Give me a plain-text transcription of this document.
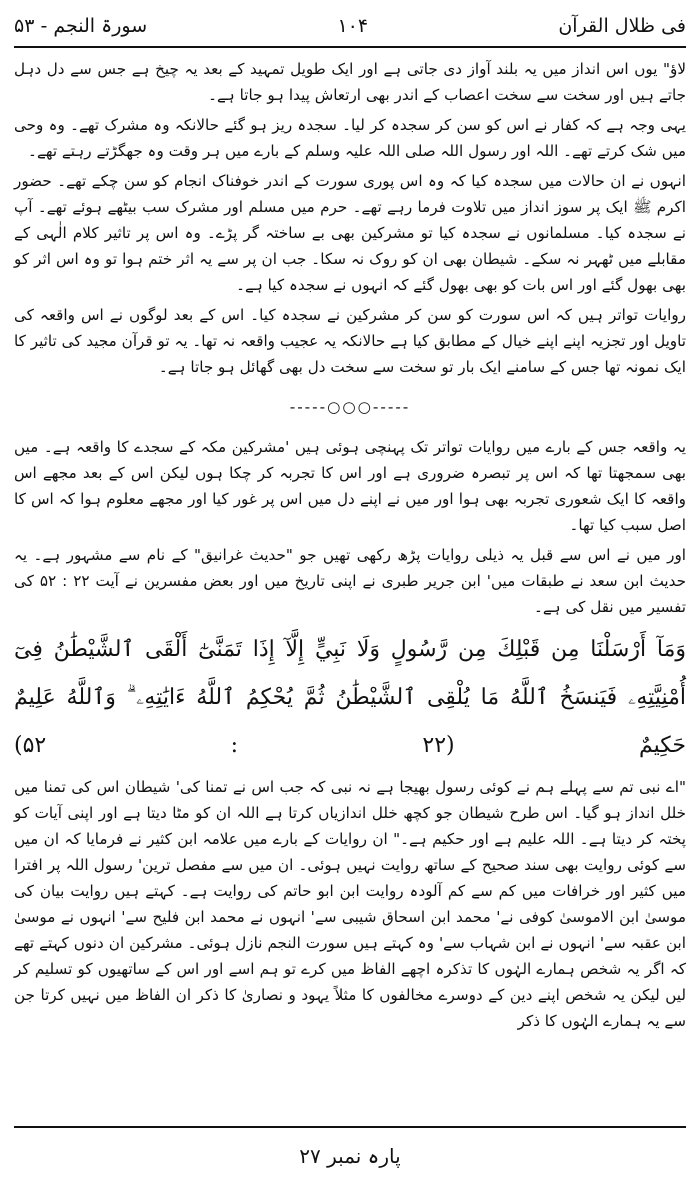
سورۃ النجم - ۵۳	۱۰۴	فی ظلال القرآن

لاؤ" یوں اس انداز میں یہ بلند آواز دی جاتی ہے اور ایک طویل تمہید کے بعد یہ چیخ ہے جس سے دل دہل جاتے ہیں اور سخت سے سخت اعصاب کے اندر بھی ارتعاش پیدا ہو جاتا ہے۔

یہی وجہ ہے کہ کفار نے اس کو سن کر سجدہ کر لیا۔ سجدہ ریز ہو گئے حالانکہ وہ مشرک تھے۔ وہ وحی میں شک کرتے تھے۔ اللہ اور رسول اللہ صلی اللہ علیہ وسلم کے بارے میں ہر وقت وہ جھگڑتے رہتے تھے۔

انہوں نے ان حالات میں سجدہ کیا کہ وہ اس پوری سورت کے اندر خوفناک انجام کو سن چکے تھے۔ حضور اکرم ﷺ ایک پر سوز انداز میں تلاوت فرما رہے تھے۔ حرم میں مسلم اور مشرک سب بیٹھے ہوئے تھے۔ آپ نے سجدہ کیا۔ مسلمانوں نے سجدہ کیا تو مشرکین بھی بے ساختہ گر پڑے۔ وہ اس پر تاثیر کلام الٰہی کے مقابلے میں ٹھہر نہ سکے۔ شیطان بھی ان کو روک نہ سکا۔ جب ان پر سے یہ اثر ختم ہوا تو وہ اس اثر کو بھی بھول گئے اور اس بات کو بھی بھول گئے کہ انہوں نے سجدہ کیا ہے۔

روایات تواتر ہیں کہ اس سورت کو سن کر مشرکین نے سجدہ کیا۔ اس کے بعد لوگوں نے اس واقعہ کی تاویل اور تجزیہ اپنے اپنے خیال کے مطابق کیا ہے حالانکہ یہ عجیب واقعہ نہ تھا۔ یہ تو قرآن مجید کی تاثیر کا ایک نمونہ تھا جس کے سامنے ایک بار تو سخت سے سخت دل بھی گھائل ہو جاتا ہے۔

-----○○○-----

یہ واقعہ جس کے بارے میں روایات تواتر تک پہنچی ہوئی ہیں 'مشرکین مکہ کے سجدے کا واقعہ ہے۔ میں بھی سمجھتا تھا کہ اس پر تبصرہ ضروری ہے اور اس کا تجربہ کر چکا ہوں لیکن اس کے بعد مجھے اس واقعہ کا ایک شعوری تجربہ بھی ہوا اور میں نے اپنے دل میں اس پر غور کیا اور مجھے معلوم ہوا کہ اس کا اصل سبب کیا تھا۔

اور میں نے اس سے قبل یہ ذیلی روایات پڑھ رکھی تھیں جو "حدیث غرانیق" کے نام سے مشہور ہے۔ یہ حدیث ابن سعد نے طبقات میں' ابن جریر طبری نے اپنی تاریخ میں اور بعض مفسرین نے آیت ۲۲ : ۵۲ کی تفسیر میں نقل کی ہے۔

وَمَآ أَرْسَلْنَا مِن قَبْلِكَ مِن رَّسُولٍ وَلَا نَبِيٍّ إِلَّآ إِذَا تَمَنَّىٰٓ أَلْقَى ٱلشَّيْطَٰنُ فِىٓ أُمْنِيَّتِهِۦ فَيَنسَخُ ٱللَّهُ مَا يُلْقِى ٱلشَّيْطَٰنُ ثُمَّ يُحْكِمُ ٱللَّهُ ءَايَٰتِهِۦ ۗ وَٱللَّهُ عَلِيمٌ حَكِيمٌ (۲۲ : ۵۲)

"اے نبی تم سے پہلے ہم نے کوئی رسول بھیجا ہے نہ نبی کہ جب اس نے تمنا کی' شیطان اس کی تمنا میں خلل انداز ہو گیا۔ اس طرح شیطان جو کچھ خلل اندازیاں کرتا ہے اللہ ان کو مٹا دیتا ہے اور اپنی آیات کو پختہ کر دیتا ہے۔ اللہ علیم ہے اور حکیم ہے۔" ان روایات کے بارے میں علامہ ابن کثیر نے فرمایا کہ ان میں سے کوئی روایت بھی سند صحیح کے ساتھ روایت نہیں ہوئی۔ ان میں سے مفصل ترین' رسول اللہ پر افترا میں کثیر اور خرافات میں کم سے کم آلودہ روایت ابن ابو حاتم کی روایت ہے۔ کہتے ہیں روایت بیان کی موسیٰ ابن الاموسیٰ کوفی نے' محمد ابن اسحاق شیبی سے' انہوں نے محمد ابن فلیح سے' انہوں نے موسیٰ ابن عقبہ سے' انہوں نے ابن شہاب سے' وہ کہتے ہیں سورت النجم نازل ہوئی۔ مشرکین ان دنوں کہتے تھے کہ اگر یہ شخص ہمارے الہٰوں کا تذکرہ اچھے الفاظ میں کرے تو ہم اسے اور اس کے ساتھیوں کو تسلیم کر لیں لیکن یہ شخص اپنے دین کے دوسرے مخالفوں کا مثلاً یہود و نصاریٰ کا ذکر ان الفاظ میں نہیں کرتا جن سے یہ ہمارے الہٰوں کا ذکر

پارہ نمبر ۲۷
